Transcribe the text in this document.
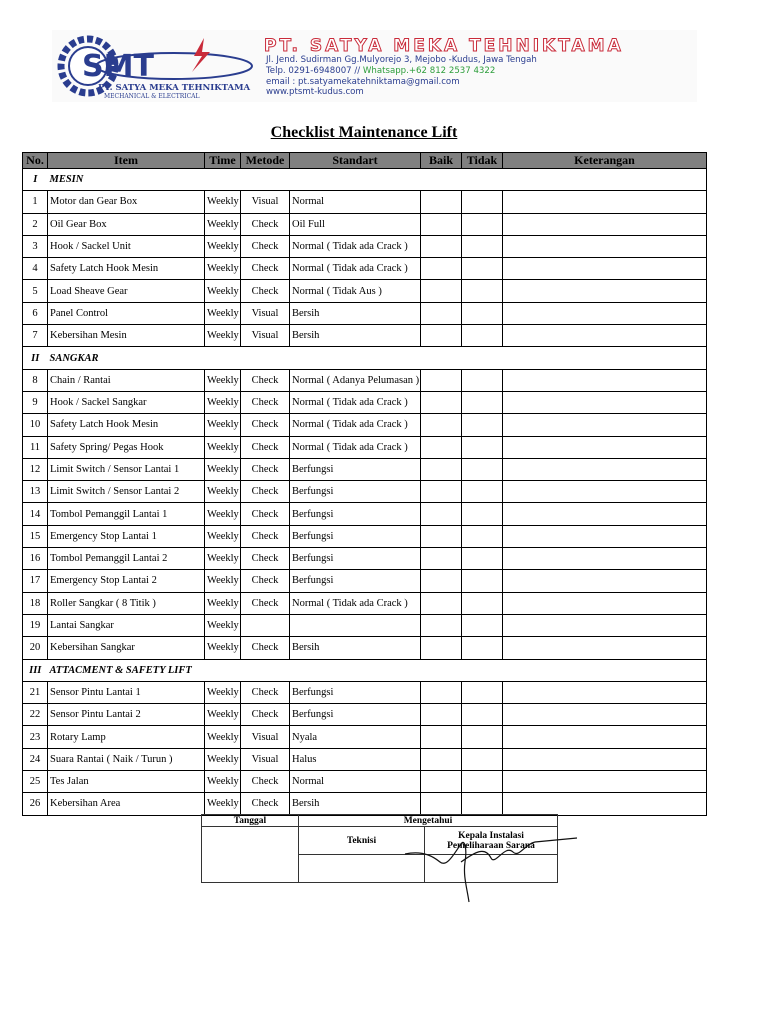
SMT
PT. SATYA MEKA TEHNIKTAMA
MECHANICAL & ELECTRICAL
PT. SATYA MEKA TEHNIKTAMA
Jl. Jend. Sudirman Gg.Mulyorejo 3, Mejobo -Kudus, Jawa Tengah
Telp. 0291-6948007 // Whatsapp.+62 812 2537 4322
email : pt.satyamekatehniktama@gmail.com
www.ptsmt-kudus.com
Checklist Maintenance Lift
No.	Item	Time	Metode	Standart	Baik	Tidak	Keterangan
I	MESIN						
1	Motor dan Gear Box	Weekly	Visual	Normal			
2	Oil Gear Box	Weekly	Check	Oil Full			
3	Hook / Sackel Unit	Weekly	Check	Normal ( Tidak ada Crack )			
4	Safety Latch Hook Mesin	Weekly	Check	Normal ( Tidak ada Crack )			
5	Load Sheave Gear	Weekly	Check	Normal ( Tidak Aus )			
6	Panel Control	Weekly	Visual	Bersih			
7	Kebersihan Mesin	Weekly	Visual	Bersih			
II	SANGKAR						
8	Chain / Rantai	Weekly	Check	Normal ( Adanya Pelumasan )			
9	Hook / Sackel Sangkar	Weekly	Check	Normal ( Tidak ada Crack )			
10	Safety Latch Hook Mesin	Weekly	Check	Normal ( Tidak ada Crack )			
11	Safety Spring/ Pegas Hook	Weekly	Check	Normal ( Tidak ada Crack )			
12	Limit Switch / Sensor Lantai 1	Weekly	Check	Berfungsi			
13	Limit Switch / Sensor Lantai 2	Weekly	Check	Berfungsi			
14	Tombol Pemanggil Lantai 1	Weekly	Check	Berfungsi			
15	Emergency Stop Lantai 1	Weekly	Check	Berfungsi			
16	Tombol Pemanggil Lantai 2	Weekly	Check	Berfungsi			
17	Emergency Stop Lantai 2	Weekly	Check	Berfungsi			
18	Roller Sangkar ( 8 Titik )	Weekly	Check	Normal ( Tidak ada Crack )			
19	Lantai Sangkar	Weekly					
20	Kebersihan Sangkar	Weekly	Check	Bersih			
III	ATTACMENT & SAFETY LIFT						
21	Sensor Pintu Lantai 1	Weekly	Check	Berfungsi			
22	Sensor Pintu Lantai 2	Weekly	Check	Berfungsi			
23	Rotary Lamp	Weekly	Visual	Nyala			
24	Suara Rantai ( Naik / Turun )	Weekly	Visual	Halus			
25	Tes Jalan	Weekly	Check	Normal			
26	Kebersihan Area	Weekly	Check	Bersih			
Tanggal	Mengetahui	
	Teknisi	Kepala Instalasi
Pemeliharaan Sarana
